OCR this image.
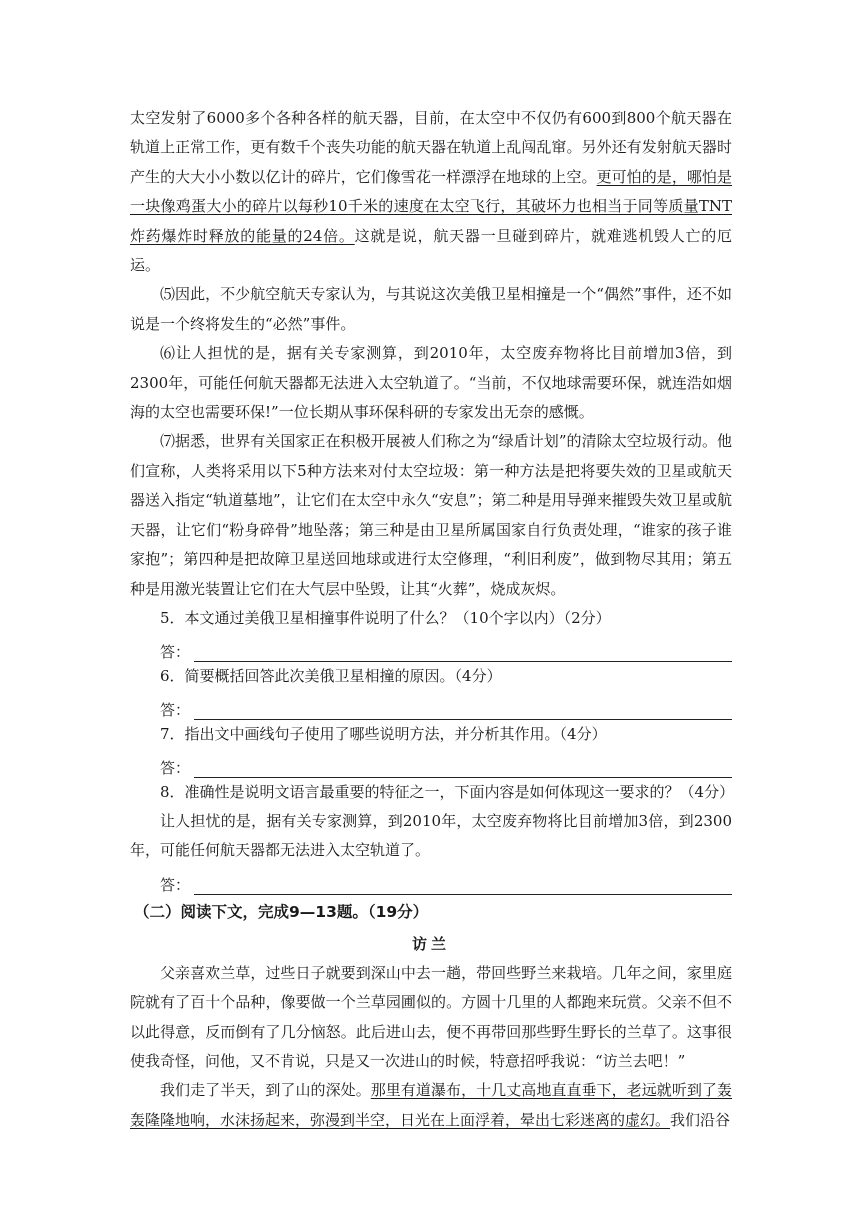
太空发射了6000多个各种各样的航天器，目前，在太空中不仅仍有600到800个航天器在轨道上正常工作，更有数千个丧失功能的航天器在轨道上乱闯乱窜。另外还有发射航天器时产生的大大小小数以亿计的碎片，它们像雪花一样漂浮在地球的上空。更可怕的是，哪怕是一块像鸡蛋大小的碎片以每秒10千米的速度在太空飞行，其破坏力也相当于同等质量TNT炸药爆炸时释放的能量的24倍。这就是说，航天器一旦碰到碎片，就难逃机毁人亡的厄运。

⑸因此，不少航空航天专家认为，与其说这次美俄卫星相撞是一个“偶然”事件，还不如说是一个终将发生的“必然”事件。

⑹让人担忧的是，据有关专家测算，到2010年，太空废弃物将比目前增加3倍，到2300年，可能任何航天器都无法进入太空轨道了。“当前，不仅地球需要环保，就连浩如烟海的太空也需要环保!”一位长期从事环保科研的专家发出无奈的感慨。

⑺据悉，世界有关国家正在积极开展被人们称之为“绿盾计划”的清除太空垃圾行动。他们宣称，人类将采用以下5种方法来对付太空垃圾：第一种方法是把将要失效的卫星或航天器送入指定“轨道墓地”，让它们在太空中永久“安息”；第二种是用导弹来摧毁失效卫星或航天器，让它们“粉身碎骨”地坠落；第三种是由卫星所属国家自行负责处理，“谁家的孩子谁家抱”；第四种是把故障卫星送回地球或进行太空修理，“利旧利废”，做到物尽其用；第五种是用激光装置让它们在大气层中坠毁，让其“火葬”，烧成灰烬。

5．本文通过美俄卫星相撞事件说明了什么？（10个字以内）（2分）

答：

6．简要概括回答此次美俄卫星相撞的原因。（4分）

答：

7．指出文中画线句子使用了哪些说明方法，并分析其作用。（4分）

答：

8．准确性是说明文语言最重要的特征之一，下面内容是如何体现这一要求的？（4分）

让人担忧的是，据有关专家测算，到2010年，太空废弃物将比目前增加3倍，到2300年，可能任何航天器都无法进入太空轨道了。

答：

（二）阅读下文，完成9—13题。（19分）

访兰

父亲喜欢兰草，过些日子就要到深山中去一趟，带回些野兰来栽培。几年之间，家里庭院就有了百十个品种，像要做一个兰草园圃似的。方圆十几里的人都跑来玩赏。父亲不但不以此得意，反而倒有了几分恼怒。此后进山去，便不再带回那些野生野长的兰草了。这事很使我奇怪，问他，又不肯说，只是又一次进山的时候，特意招呼我说：“访兰去吧！”

我们走了半天，到了山的深处。那里有道瀑布，十几丈高地直直垂下，老远就听到了轰轰隆隆地响，水沫扬起来，弥漫到半空，日光在上面浮着，晕出七彩迷离的虚幻。我们沿谷
